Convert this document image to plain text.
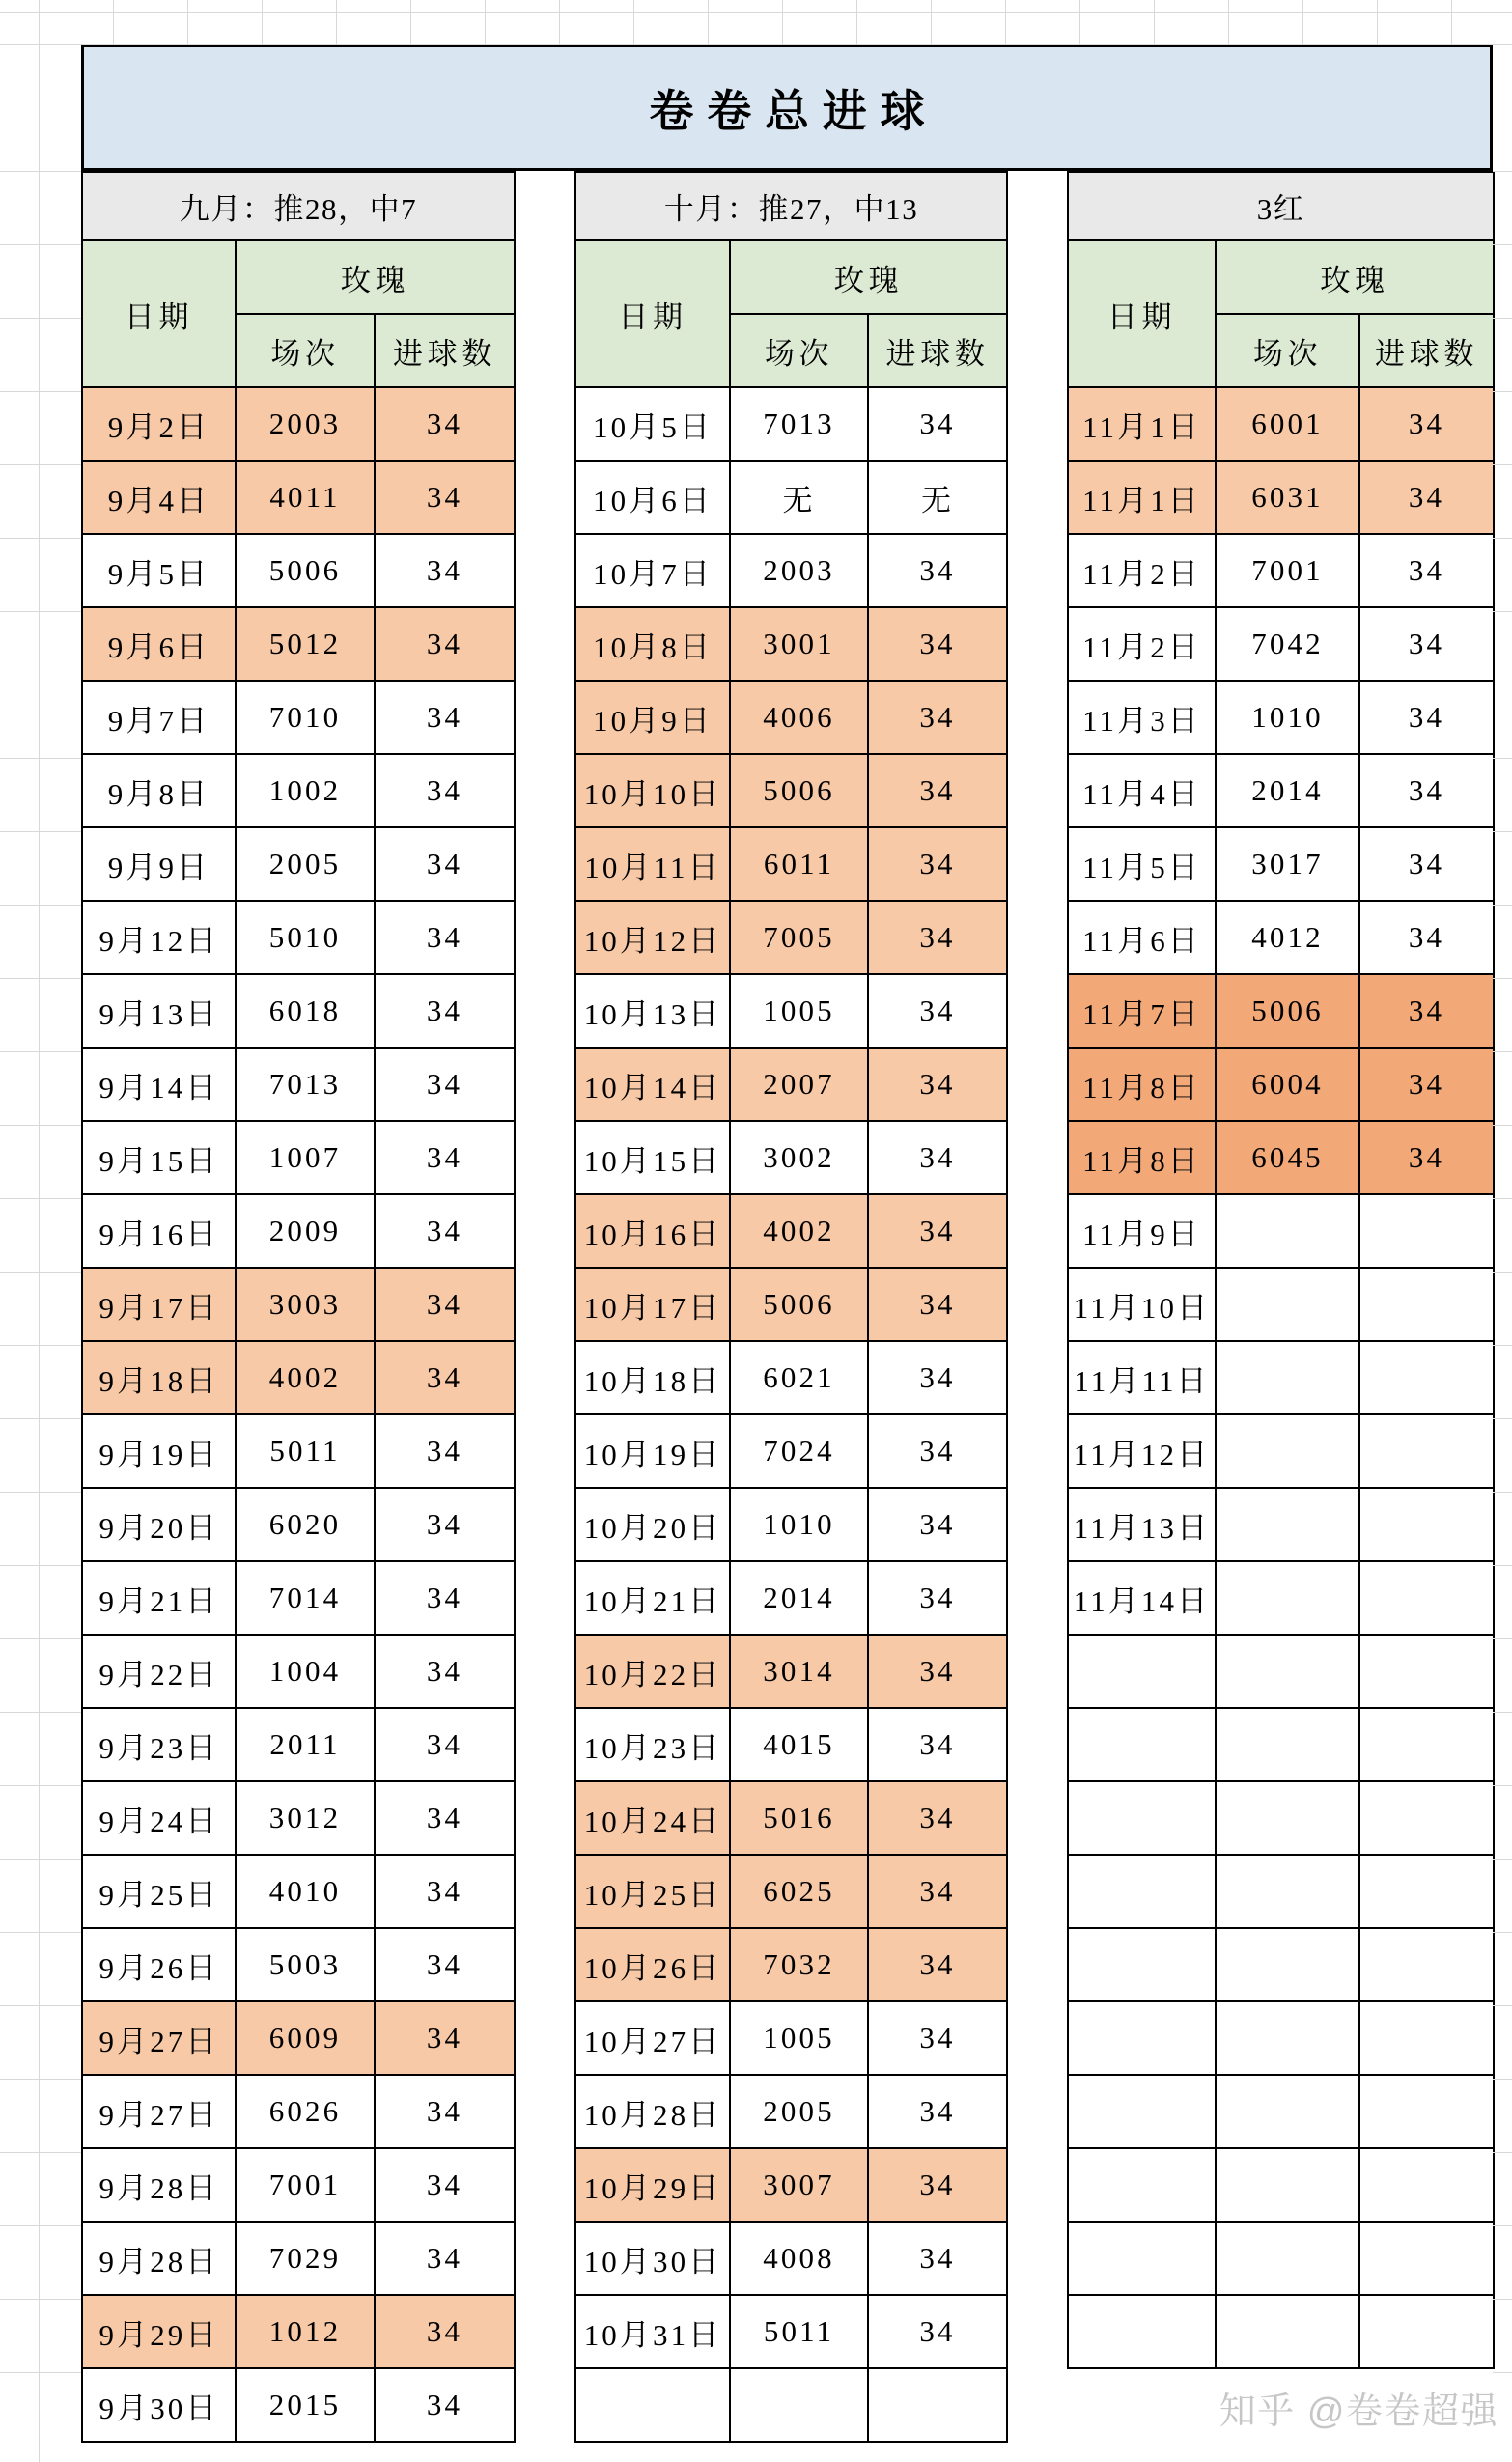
卷卷总进球
九月：推28，中7		
日期	玫瑰	
	场次	进球数
9月2日	2003	34
9月4日	4011	34
9月5日	5006	34
9月6日	5012	34
9月7日	7010	34
9月8日	1002	34
9月9日	2005	34
9月12日	5010	34
9月13日	6018	34
9月14日	7013	34
9月15日	1007	34
9月16日	2009	34
9月17日	3003	34
9月18日	4002	34
9月19日	5011	34
9月20日	6020	34
9月21日	7014	34
9月22日	1004	34
9月23日	2011	34
9月24日	3012	34
9月25日	4010	34
9月26日	5003	34
9月27日	6009	34
9月27日	6026	34
9月28日	7001	34
9月28日	7029	34
9月29日	1012	34
9月30日	2015	34
十月：推27，中13		
日期	玫瑰	
	场次	进球数
10月5日	7013	34
10月6日	无	无
10月7日	2003	34
10月8日	3001	34
10月9日	4006	34
10月10日	5006	34
10月11日	6011	34
10月12日	7005	34
10月13日	1005	34
10月14日	2007	34
10月15日	3002	34
10月16日	4002	34
10月17日	5006	34
10月18日	6021	34
10月19日	7024	34
10月20日	1010	34
10月21日	2014	34
10月22日	3014	34
10月23日	4015	34
10月24日	5016	34
10月25日	6025	34
10月26日	7032	34
10月27日	1005	34
10月28日	2005	34
10月29日	3007	34
10月30日	4008	34
10月31日	5011	34

3红		
日期	玫瑰	
	场次	进球数
11月1日	6001	34
11月1日	6031	34
11月2日	7001	34
11月2日	7042	34
11月3日	1010	34
11月4日	2014	34
11月5日	3017	34
11月6日	4012	34
11月7日	5006	34
11月8日	6004	34
11月8日	6045	34
11月9日		
11月10日		
11月11日		
11月12日		
11月13日		
11月14日		

知乎 @卷卷超强
